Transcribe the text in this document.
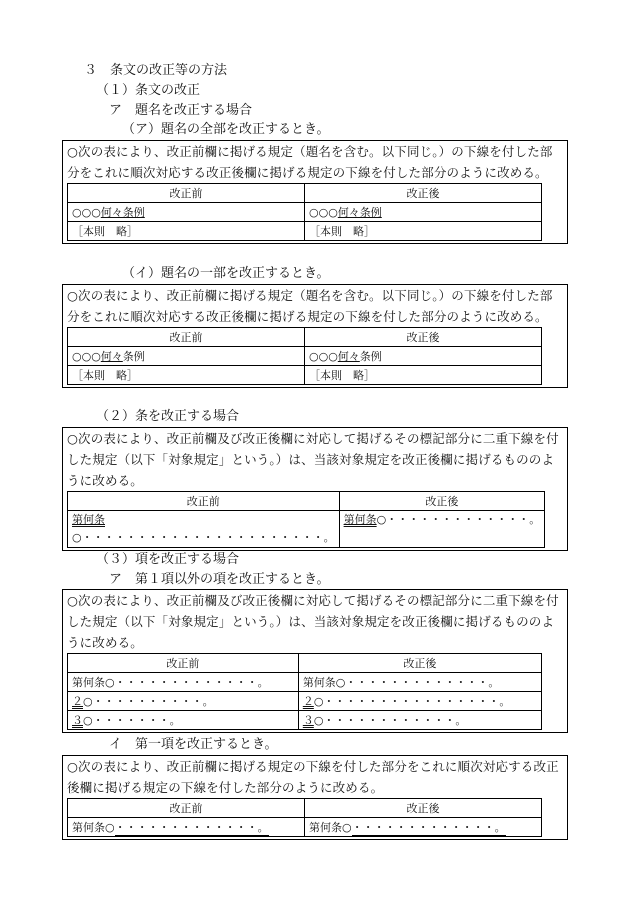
３　条文の改正等の方法
（１）条文の改正
ア　題名を改正する場合
（ア）題名の全部を改正するとき。

○次の表により、改正前欄に掲げる規定（題名を含む。以下同じ。）の下線を付した部分をこれに順次対応する改正後欄に掲げる規定の下線を付した部分のように改める。

改正前	改正後
○○○何々条例	○○○何々条例
［本則　略］	［本則　略］
（イ）題名の一部を改正するとき。

○次の表により、改正前欄に掲げる規定（題名を含む。以下同じ。）の下線を付した部分をこれに順次対応する改正後欄に掲げる規定の下線を付した部分のように改める。

改正前	改正後
○○○何々条例	○○○何々条例
［本則　略］	［本則　略］
（２）条を改正する場合

○次の表により、改正前欄及び改正後欄に対応して掲げるその標記部分に二重下線を付した規定（以下「対象規定」という。）は、当該対象規定を改正後欄に掲げるもののように改める。

改正前	改正後
第何条○・・・・・・・・・・・・・・・・・・・・・・。	第何条○・・・・・・・・・・・・・。
（３）項を改正する場合
ア　第１項以外の項を改正するとき。

○次の表により、改正前欄及び改正後欄に対応して掲げるその標記部分に二重下線を付した規定（以下「対象規定」という。）は、当該対象規定を改正後欄に掲げるもののように改める。

改正前	改正後
第何条○・・・・・・・・・・・・・。	第何条○・・・・・・・・・・・・・。
２○・・・・・・・・・・。	２○・・・・・・・・・・・・・・・・。
３○・・・・・・・。	３○・・・・・・・・・・・・。
イ　第一項を改正するとき。

○次の表により、改正前欄に掲げる規定の下線を付した部分をこれに順次対応する改正後欄に掲げる規定の下線を付した部分のように改める。

改正前	改正後
第何条○・・・・・・・・・・・・・。	第何条○・・・・・・・・・・・・・。
